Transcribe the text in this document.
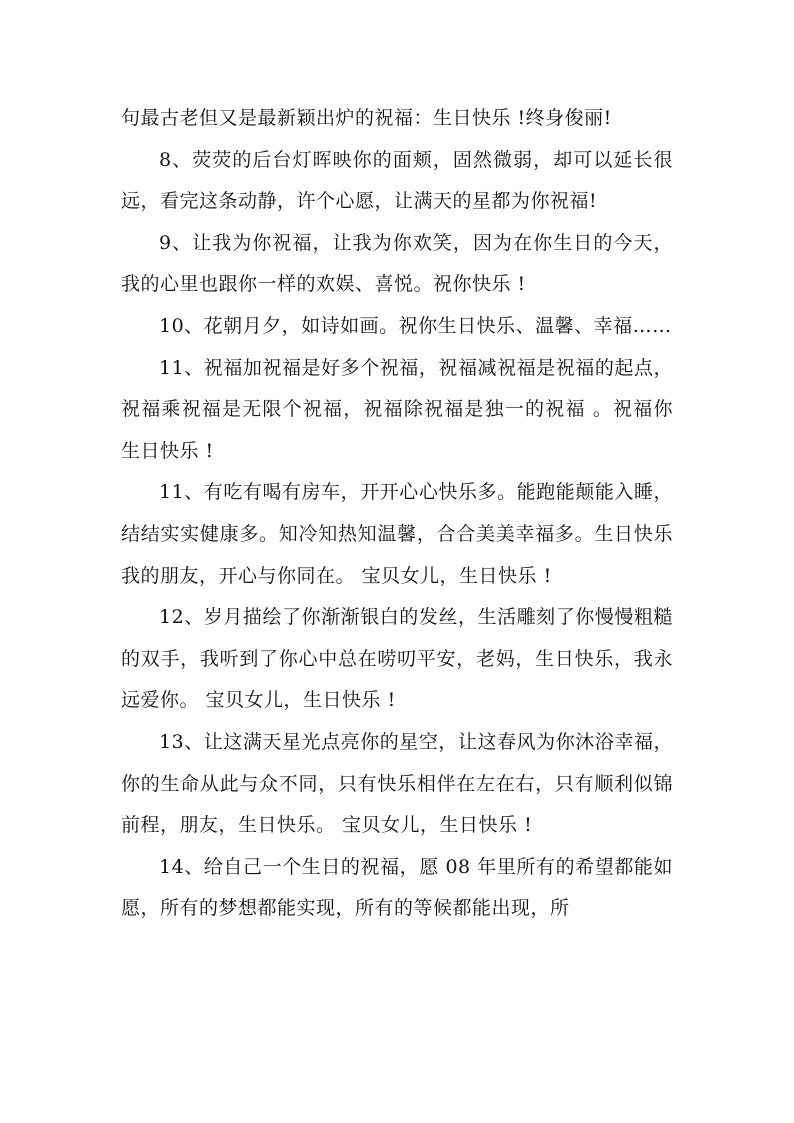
句最古老但又是最新颖出炉的祝福：生日快乐 !终身俊丽!

8、荧荧的后台灯晖映你的面颊，固然微弱，却可以延长很远，看完这条动静，许个心愿，让满天的星都为你祝福!

9、让我为你祝福，让我为你欢笑，因为在你生日的今天，我的心里也跟你一样的欢娱、喜悦。祝你快乐 !

10、花朝月夕，如诗如画。祝你生日快乐、温馨、幸福……

11、祝福加祝福是好多个祝福，祝福减祝福是祝福的起点，祝福乘祝福是无限个祝福，祝福除祝福是独一的祝福 。祝福你生日快乐 !

11、有吃有喝有房车，开开心心快乐多。能跑能颠能入睡，结结实实健康多。知冷知热知温馨，合合美美幸福多。生日快乐我的朋友，开心与你同在。 宝贝女儿，生日快乐 !

12、岁月描绘了你渐渐银白的发丝，生活雕刻了你慢慢粗糙的双手，我听到了你心中总在唠叨平安，老妈，生日快乐，我永远爱你。 宝贝女儿，生日快乐 !

13、让这满天星光点亮你的星空，让这春风为你沐浴幸福，你的生命从此与众不同，只有快乐相伴在左在右，只有顺利似锦前程，朋友，生日快乐。 宝贝女儿，生日快乐 !

14、给自己一个生日的祝福，愿 08 年里所有的希望都能如愿，所有的梦想都能实现，所有的等候都能出现，所
